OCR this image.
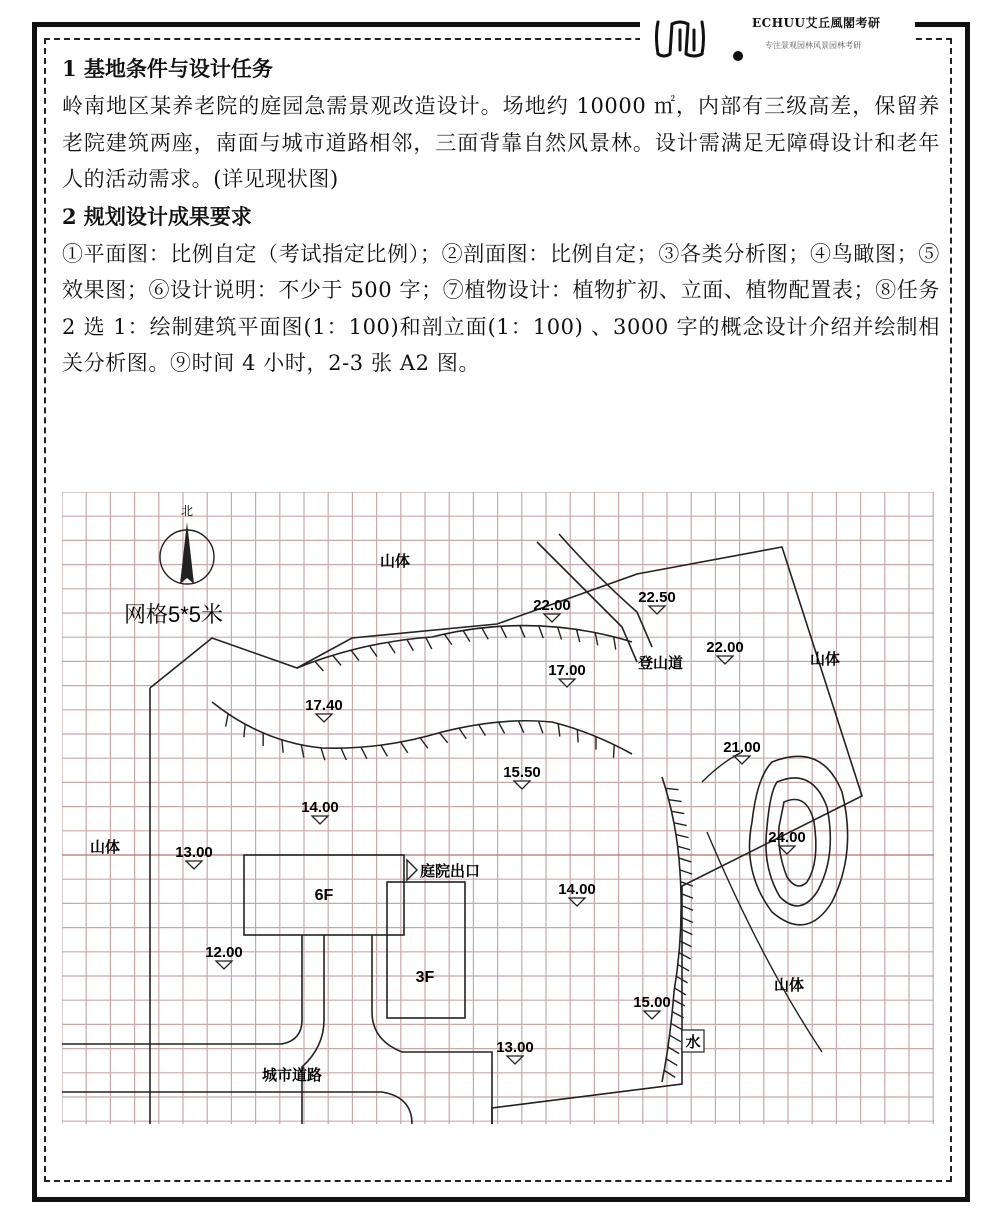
ECHUU艾丘風閣考研
专注景观园林风景园林考研

1 基地条件与设计任务

岭南地区某养老院的庭园急需景观改造设计。场地约 10000 ㎡，内部有三级高差，保留养老院建筑两座，南面与城市道路相邻，三面背靠自然风景林。设计需满足无障碍设计和老年人的活动需求。(详见现状图)

2 规划设计成果要求

①平面图：比例自定（考试指定比例）；②剖面图：比例自定；③各类分析图；④鸟瞰图；⑤效果图；⑥设计说明：不少于 500 字；⑦植物设计：植物扩初、立面、植物配置表；⑧任务 2 选 1：绘制建筑平面图(1：100)和剖立面(1：100) 、3000 字的概念设计介绍并绘制相关分析图。⑨时间 4 小时，2-3 张 A2 图。

6F
3F
北
网格5*5米
山体
山体
山体
山体
登山道
庭院出口
城市道路
水
22.00	22.50
22.00
17.00
17.40
15.50
21.00
24.00
14.00
13.00
14.00
12.00
15.00
13.00
